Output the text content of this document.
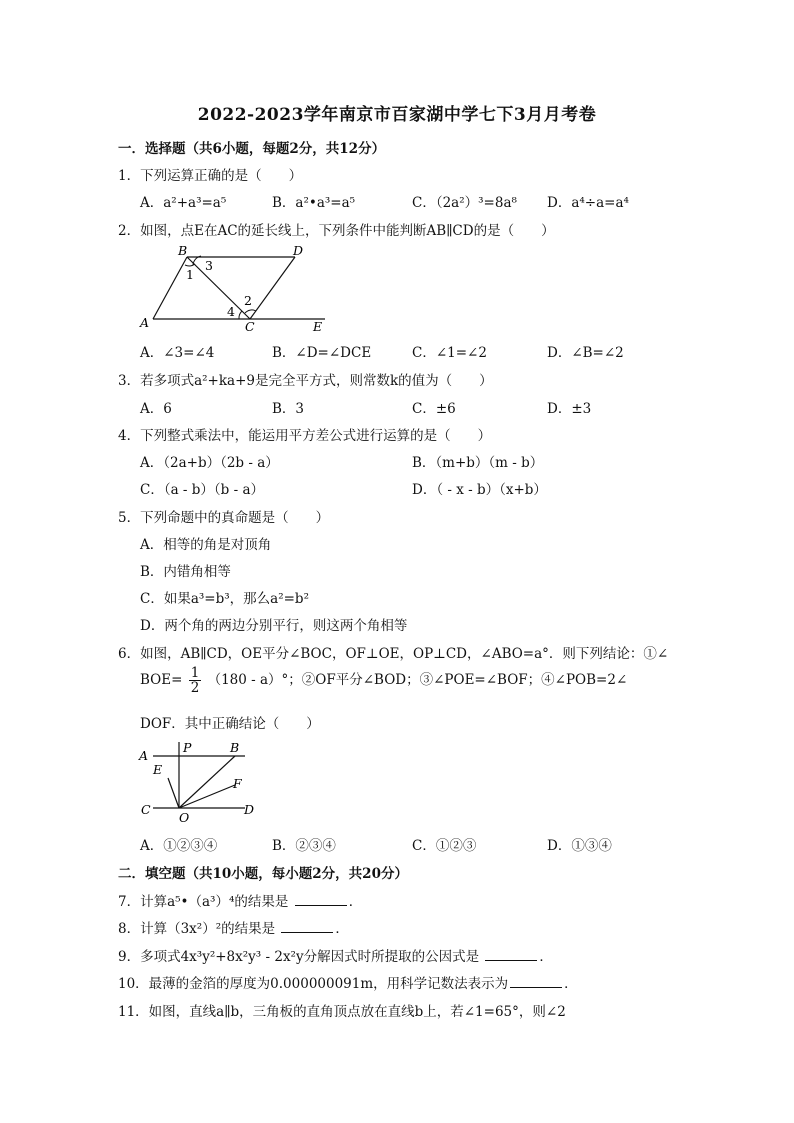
2022-2023学年南京市百家湖中学七下3月月考卷
一．选择题（共6小题，每题2分，共12分）
1．下列运算正确的是（　　）
A．a²+a³=a⁵	B．a²•a³=a⁵	C．（2a²）³=8a⁸ D．a⁴÷a=a⁴
2．如图，点E在AC的延长线上，下列条件中能判断AB∥CD的是（　　）
B	D
A	C	E
1
2
3
4
A．∠3=∠4	B．∠D=∠DCE	C．∠1=∠2	D．∠B=∠2
3．若多项式a²+ka+9是完全平方式，则常数k的值为（　　）
A．6	B．3	C．±6	D．±3
4．下列整式乘法中，能运用平方差公式进行运算的是（　　）
A．（2a+b）（2b - a）	B．（m+b）（m - b）
C．（a - b）（b - a）	D．（ - x - b）（x+b）
5．下列命题中的真命题是（　　）
A．相等的角是对顶角
B．内错角相等
C．如果a³=b³，那么a²=b²
D．两个角的两边分别平行，则这两个角相等
6．如图，AB∥CD，OE平分∠BOC，OF⊥OE，OP⊥CD，∠ABO=a°．则下列结论：①∠
$BOE= \frac{1}{2} (180 - a)^\circ$；②OF平分∠BOD；③∠POE=∠BOF；④∠POB=2∠
DOF．其中正确结论（　　）
A
P	B
E
F
C
O
D
A．①②③④	B．②③④	C．①②③	D．①③④
二．填空题（共10小题，每小题2分，共20分）
7．计算a⁵•（a³）⁴的结果是	．
8．计算（3x²）²的结果是	．
9．多项式4x³y²+8x²y³ - 2x²y分解因式时所提取的公因式是	．
10．最薄的金箔的厚度为0.000000091m，用科学记数法表示为	．
11．如图，直线a∥b，三角板的直角顶点放在直线b上，若∠1=65°，则∠2
